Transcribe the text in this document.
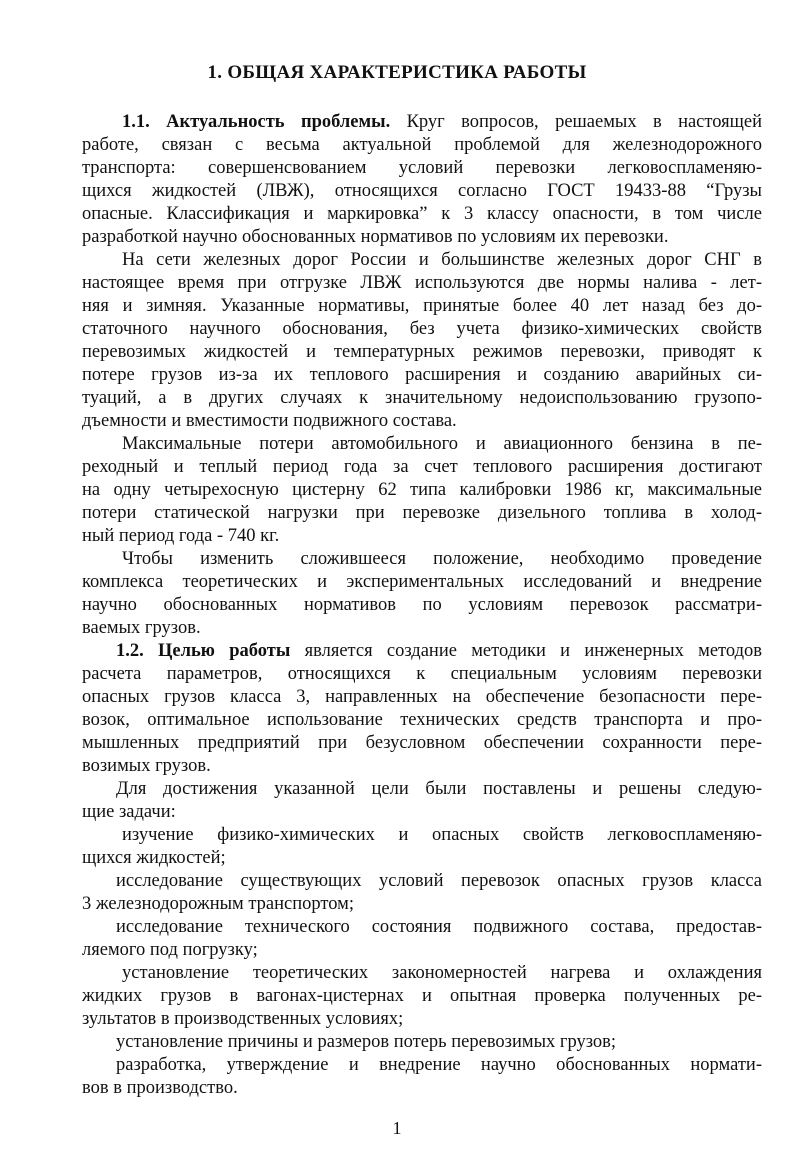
1. ОБЩАЯ ХАРАКТЕРИСТИКА РАБОТЫ
1.1. Актуальность проблемы. Круг вопросов, решаемых в настоящей
работе, связан с весьма актуальной проблемой для железнодорожного
транспорта: совершенсвованием условий перевозки легковоспламеняю-
щихся жидкостей (ЛВЖ), относящихся согласно ГОСТ 19433-88 “Грузы
опасные. Классификация и маркировка” к 3 классу опасности, в том числе
разработкой научно обоснованных нормативов по условиям их перевозки.
На сети железных дорог России и большинстве железных дорог СНГ в
настоящее время при отгрузке ЛВЖ используются две нормы налива - лет-
няя и зимняя. Указанные нормативы, принятые более 40 лет назад без до-
статочного научного обоснования, без учета физико-химических свойств
перевозимых жидкостей и температурных режимов перевозки, приводят к
потере грузов из-за их теплового расширения и созданию аварийных си-
туаций, а в других случаях к значительному недоиспользованию грузопо-
дъемности и вместимости подвижного состава.
Максимальные потери автомобильного и авиационного бензина в пе-
реходный и теплый период года за счет теплового расширения достигают
на одну четырехосную цистерну 62 типа калибровки 1986 кг, максимальные
потери статической нагрузки при перевозке дизельного топлива в холод-
ный период года - 740 кг.
Чтобы изменить сложившееся положение, необходимо проведение
комплекса теоретических и экспериментальных исследований и внедрение
научно обоснованных нормативов по условиям перевозок рассматри-
ваемых грузов.
1.2. Целью работы является создание методики и инженерных методов
расчета параметров, относящихся к специальным условиям перевозки
опасных грузов класса 3, направленных на обеспечение безопасности пере-
возок, оптимальное использование технических средств транспорта и про-
мышленных предприятий при безусловном обеспечении сохранности пере-
возимых грузов.
Для достижения указанной цели были поставлены и решены следую-
щие задачи:
изучение физико-химических и опасных свойств легковоспламеняю-
щихся жидкостей;
исследование существующих условий перевозок опасных грузов класса
3 железнодорожным транспортом;
исследование технического состояния подвижного состава, предостав-
ляемого под погрузку;
установление теоретических закономерностей нагрева и охлаждения
жидких грузов в вагонах-цистернах и опытная проверка полученных ре-
зультатов в производственных условиях;
установление причины и размеров потерь перевозимых грузов;
разработка, утверждение и внедрение научно обоснованных нормати-
вов в производство.
1
